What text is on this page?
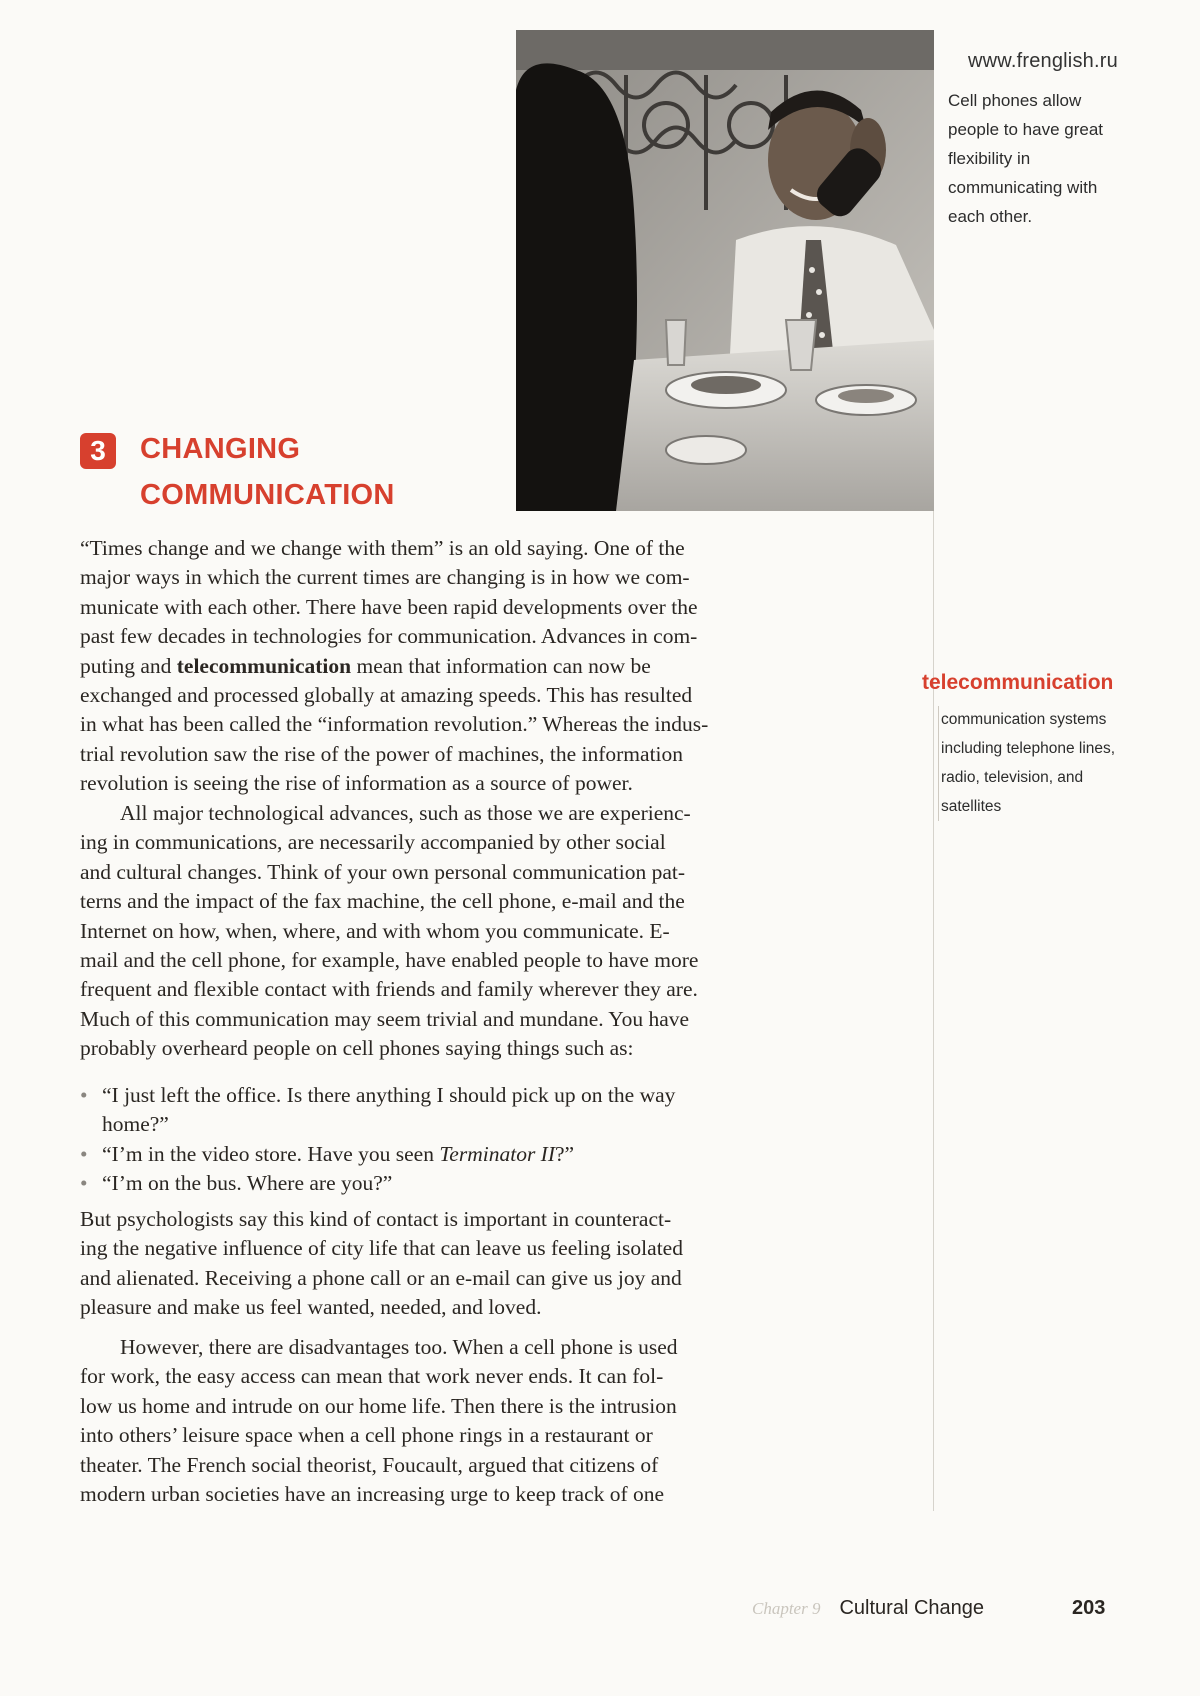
www.frenglish.ru
Cell phones allow
people to have great
flexibility in
communicating with
each other.
3	CHANGING
COMMUNICATION
telecommunication
communication systems
including telephone lines,
radio, television, and
satellites
“Times change and we change with them” is an old saying. One of the
major ways in which the current times are changing is in how we com-
municate with each other. There have been rapid developments over the
past few decades in technologies for communication. Advances in com-
puting and telecommunication mean that information can now be
exchanged and processed globally at amazing speeds. This has resulted
in what has been called the “information revolution.” Whereas the indus-
trial revolution saw the rise of the power of machines, the information
revolution is seeing the rise of information as a source of power.
All major technological advances, such as those we are experienc-
ing in communications, are necessarily accompanied by other social
and cultural changes. Think of your own personal communication pat-
terns and the impact of the fax machine, the cell phone, e-mail and the
Internet on how, when, where, and with whom you communicate. E-
mail and the cell phone, for example, have enabled people to have more
frequent and flexible contact with friends and family wherever they are.
Much of this communication may seem trivial and mundane. You have
probably overheard people on cell phones saying things such as:
• “I just left the office. Is there anything I should pick up on the way
home?”
• “I’m in the video store. Have you seen Terminator II?”
• “I’m on the bus. Where are you?”
But psychologists say this kind of contact is important in counteract-
ing the negative influence of city life that can leave us feeling isolated
and alienated. Receiving a phone call or an e-mail can give us joy and
pleasure and make us feel wanted, needed, and loved.
However, there are disadvantages too. When a cell phone is used
for work, the easy access can mean that work never ends. It can fol-
low us home and intrude on our home life. Then there is the intrusion
into others’ leisure space when a cell phone rings in a restaurant or
theater. The French social theorist, Foucault, argued that citizens of
modern urban societies have an increasing urge to keep track of one
Chapter 9 Cultural Change	203
